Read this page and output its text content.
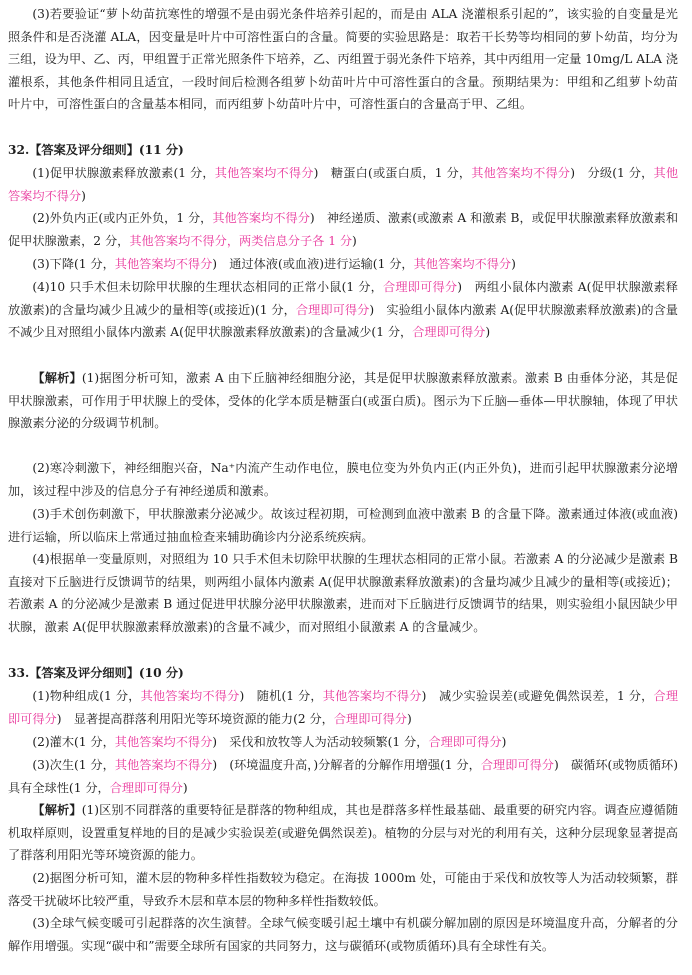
(3)若要验证“萝卜幼苗抗寒性的增强不是由弱光条件培养引起的，而是由 ALA 浇灌根系引起的”，该实验的自变量是光照条件和是否浇灌 ALA，因变量是叶片中可溶性蛋白的含量。简要的实验思路是：取若干长势等均相同的萝卜幼苗，均分为三组，设为甲、乙、丙，甲组置于正常光照条件下培养，乙、丙组置于弱光条件下培养，其中丙组用一定量 10mg/L ALA 浇灌根系，其他条件相同且适宜，一段时间后检测各组萝卜幼苗叶片中可溶性蛋白的含量。预期结果为：甲组和乙组萝卜幼苗叶片中，可溶性蛋白的含量基本相同，而丙组萝卜幼苗叶片中，可溶性蛋白的含量高于甲、乙组。

32.【答案及评分细则】(11 分)

(1)促甲状腺激素释放激素(1 分，其他答案均不得分)　糖蛋白(或蛋白质，1 分，其他答案均不得分)　分级(1 分，其他答案均不得分)

(2)外负内正(或内正外负，1 分，其他答案均不得分)　神经递质、激素(或激素 A 和激素 B，或促甲状腺激素释放激素和促甲状腺激素，2 分，其他答案均不得分，两类信息分子各 1 分)

(3)下降(1 分，其他答案均不得分)　通过体液(或血液)进行运输(1 分，其他答案均不得分)

(4)10 只手术但未切除甲状腺的生理状态相同的正常小鼠(1 分，合理即可得分)　两组小鼠体内激素 A(促甲状腺激素释放激素)的含量均减少且减少的量相等(或接近)(1 分，合理即可得分)　实验组小鼠体内激素 A(促甲状腺激素释放激素)的含量不减少且对照组小鼠体内激素 A(促甲状腺激素释放激素)的含量减少(1 分，合理即可得分)

【解析】(1)据图分析可知，激素 A 由下丘脑神经细胞分泌，其是促甲状腺激素释放激素。激素 B 由垂体分泌，其是促甲状腺激素，可作用于甲状腺上的受体，受体的化学本质是糖蛋白(或蛋白质)。图示为下丘脑—垂体—甲状腺轴，体现了甲状腺激素分泌的分级调节机制。

(2)寒冷刺激下，神经细胞兴奋，Na⁺内流产生动作电位，膜电位变为外负内正(内正外负)，进而引起甲状腺激素分泌增加，该过程中涉及的信息分子有神经递质和激素。

(3)手术创伤刺激下，甲状腺激素分泌减少。故该过程初期，可检测到血液中激素 B 的含量下降。激素通过体液(或血液)进行运输，所以临床上常通过抽血检查来辅助确诊内分泌系统疾病。

(4)根据单一变量原则，对照组为 10 只手术但未切除甲状腺的生理状态相同的正常小鼠。若激素 A 的分泌减少是激素 B 直接对下丘脑进行反馈调节的结果，则两组小鼠体内激素 A(促甲状腺激素释放激素)的含量均减少且减少的量相等(或接近)；若激素 A 的分泌减少是激素 B 通过促进甲状腺分泌甲状腺激素，进而对下丘脑进行反馈调节的结果，则实验组小鼠因缺少甲状腺，激素 A(促甲状腺激素释放激素)的含量不减少，而对照组小鼠激素 A 的含量减少。

33.【答案及评分细则】(10 分)

(1)物种组成(1 分，其他答案均不得分)　随机(1 分，其他答案均不得分)　减少实验误差(或避免偶然误差，1 分，合理即可得分)　显著提高群落利用阳光等环境资源的能力(2 分，合理即可得分)

(2)灌木(1 分，其他答案均不得分)　采伐和放牧等人为活动较频繁(1 分，合理即可得分)

(3)次生(1 分，其他答案均不得分)　(环境温度升高，)分解者的分解作用增强(1 分，合理即可得分)　碳循环(或物质循环)具有全球性(1 分，合理即可得分)

【解析】(1)区别不同群落的重要特征是群落的物种组成，其也是群落多样性最基础、最重要的研究内容。调查应遵循随机取样原则，设置重复样地的目的是减少实验误差(或避免偶然误差)。植物的分层与对光的利用有关，这种分层现象显著提高了群落利用阳光等环境资源的能力。

(2)据图分析可知，灌木层的物种多样性指数较为稳定。在海拔 1000m 处，可能由于采伐和放牧等人为活动较频繁，群落受干扰破坏比较严重，导致乔木层和草本层的物种多样性指数较低。

(3)全球气候变暖可引起群落的次生演替。全球气候变暖引起土壤中有机碳分解加剧的原因是环境温度升高，分解者的分解作用增强。实现“碳中和”需要全球所有国家的共同努力，这与碳循环(或物质循环)具有全球性有关。
